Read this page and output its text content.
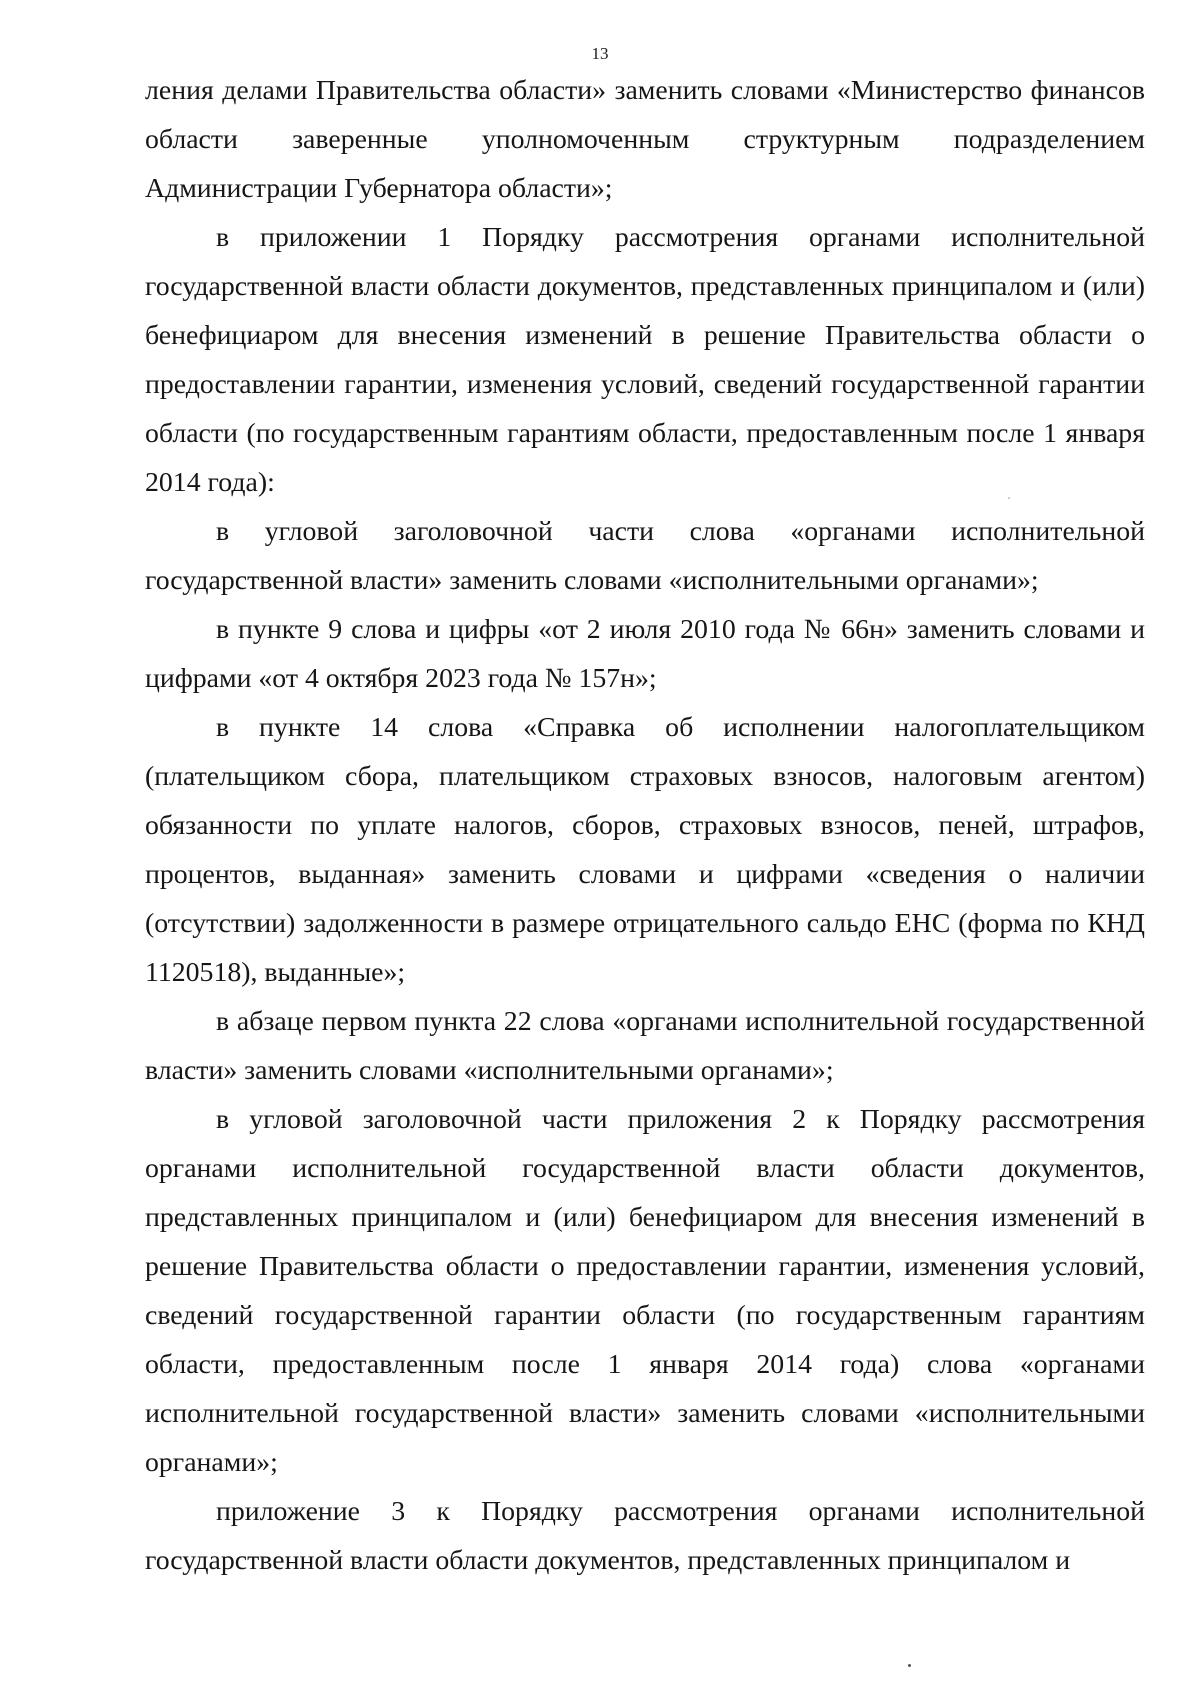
13

ления делами Правительства области» заменить словами «Министерство финансов области заверенные уполномоченным структурным подразделением Администрации Губернатора области»;

в приложении 1 Порядку рассмотрения органами исполнительной государственной власти области документов, представленных принципалом и (или) бенефициаром для внесения изменений в решение Правительства области о предоставлении гарантии, изменения условий, сведений государственной гарантии области (по государственным гарантиям области, предоставленным после 1 января 2014 года):

в угловой заголовочной части слова «органами исполнительной государственной власти» заменить словами «исполнительными органами»;

в пункте 9 слова и цифры «от 2 июля 2010 года № 66н» заменить словами и цифрами «от 4 октября 2023 года № 157н»;

в пункте 14 слова «Справка об исполнении налогоплательщиком (плательщиком сбора, плательщиком страховых взносов, налоговым агентом) обязанности по уплате налогов, сборов, страховых взносов, пеней, штрафов, процентов, выданная» заменить словами и цифрами «сведения о наличии (отсутствии) задолженности в размере отрицательного сальдо ЕНС (форма по КНД 1120518), выданные»;

в абзаце первом пункта 22 слова «органами исполнительной государственной власти» заменить словами «исполнительными органами»;

в угловой заголовочной части приложения 2 к Порядку рассмотрения органами исполнительной государственной власти области документов, представленных принципалом и (или) бенефициаром для внесения изменений в решение Правительства области о предоставлении гарантии, изменения условий, сведений государственной гарантии области (по государственным гарантиям области, предоставленным после 1 января 2014 года) слова «органами исполнительной государственной власти» заменить словами «исполнительными органами»;

приложение 3 к Порядку рассмотрения органами исполнительной государственной власти области документов, представленных принципалом и
